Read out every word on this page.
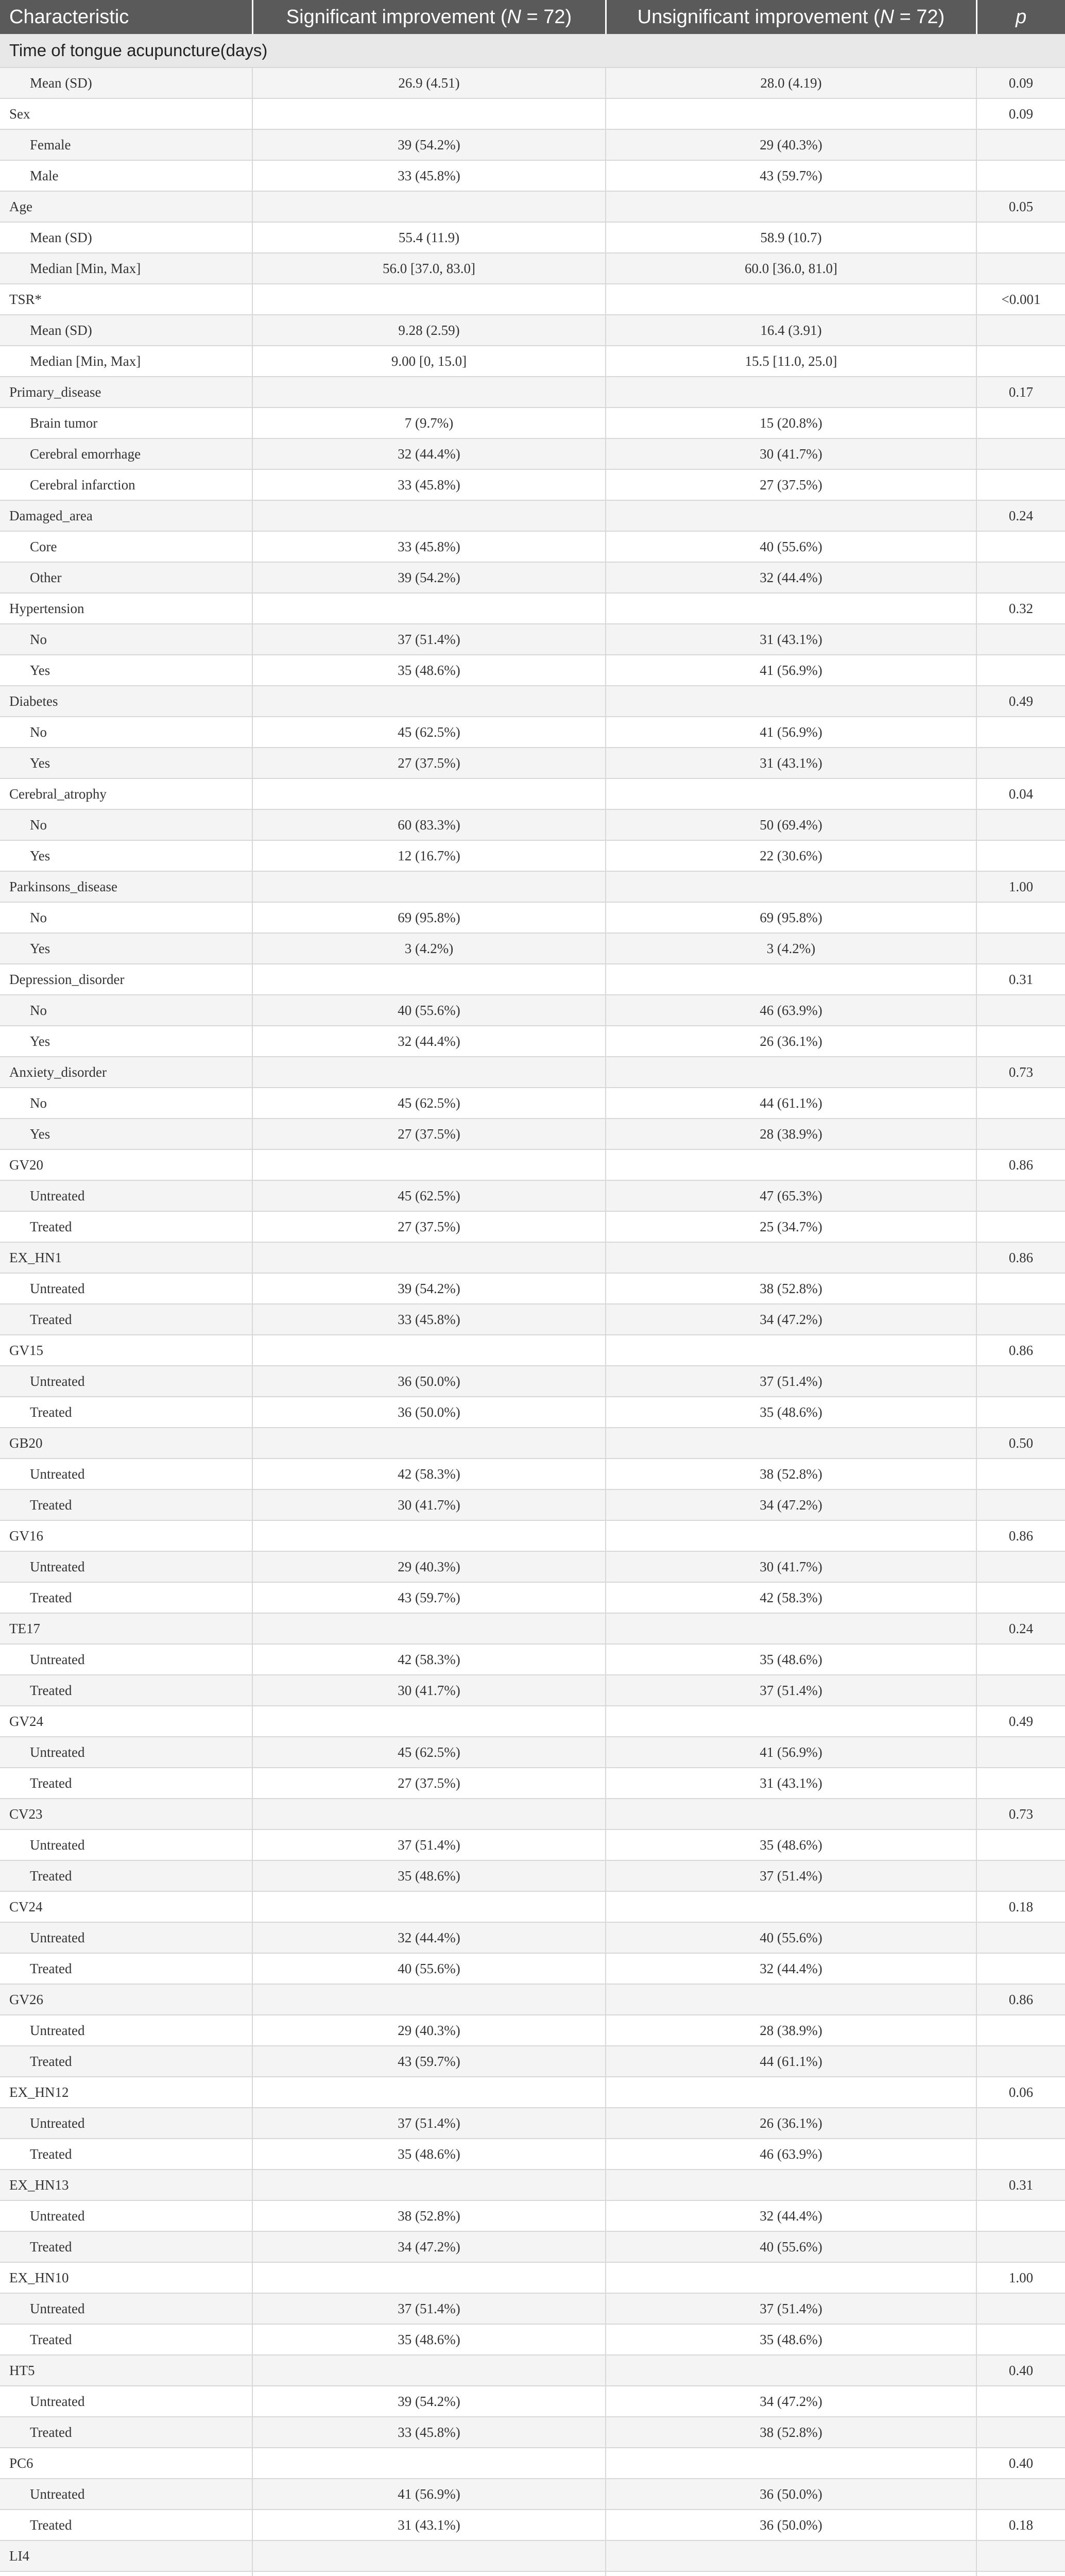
Characteristic	Significant improvement (N = 72)	Unsignificant improvement (N = 72)	p
Time of tongue acupuncture(days)			
Mean (SD)	26.9 (4.51)	28.0 (4.19)	0.09
Sex			0.09
Female	39 (54.2%)	29 (40.3%)	
Male	33 (45.8%)	43 (59.7%)	
Age			0.05
Mean (SD)	55.4 (11.9)	58.9 (10.7)	
Median [Min, Max]	56.0 [37.0, 83.0]	60.0 [36.0, 81.0]	
TSR*			<0.001
Mean (SD)	9.28 (2.59)	16.4 (3.91)	
Median [Min, Max]	9.00 [0, 15.0]	15.5 [11.0, 25.0]	
Primary_disease			0.17
Brain tumor	7 (9.7%)	15 (20.8%)	
Cerebral emorrhage	32 (44.4%)	30 (41.7%)	
Cerebral infarction	33 (45.8%)	27 (37.5%)	
Damaged_area			0.24
Core	33 (45.8%)	40 (55.6%)	
Other	39 (54.2%)	32 (44.4%)	
Hypertension			0.32
No	37 (51.4%)	31 (43.1%)	
Yes	35 (48.6%)	41 (56.9%)	
Diabetes			0.49
No	45 (62.5%)	41 (56.9%)	
Yes	27 (37.5%)	31 (43.1%)	
Cerebral_atrophy			0.04
No	60 (83.3%)	50 (69.4%)	
Yes	12 (16.7%)	22 (30.6%)	
Parkinsons_disease			1.00
No	69 (95.8%)	69 (95.8%)	
Yes	3 (4.2%)	3 (4.2%)	
Depression_disorder			0.31
No	40 (55.6%)	46 (63.9%)	
Yes	32 (44.4%)	26 (36.1%)	
Anxiety_disorder			0.73
No	45 (62.5%)	44 (61.1%)	
Yes	27 (37.5%)	28 (38.9%)	
GV20			0.86
Untreated	45 (62.5%)	47 (65.3%)	
Treated	27 (37.5%)	25 (34.7%)	
EX_HN1			0.86
Untreated	39 (54.2%)	38 (52.8%)	
Treated	33 (45.8%)	34 (47.2%)	
GV15			0.86
Untreated	36 (50.0%)	37 (51.4%)	
Treated	36 (50.0%)	35 (48.6%)	
GB20			0.50
Untreated	42 (58.3%)	38 (52.8%)	
Treated	30 (41.7%)	34 (47.2%)	
GV16			0.86
Untreated	29 (40.3%)	30 (41.7%)	
Treated	43 (59.7%)	42 (58.3%)	
TE17			0.24
Untreated	42 (58.3%)	35 (48.6%)	
Treated	30 (41.7%)	37 (51.4%)	
GV24			0.49
Untreated	45 (62.5%)	41 (56.9%)	
Treated	27 (37.5%)	31 (43.1%)	
CV23			0.73
Untreated	37 (51.4%)	35 (48.6%)	
Treated	35 (48.6%)	37 (51.4%)	
CV24			0.18
Untreated	32 (44.4%)	40 (55.6%)	
Treated	40 (55.6%)	32 (44.4%)	
GV26			0.86
Untreated	29 (40.3%)	28 (38.9%)	
Treated	43 (59.7%)	44 (61.1%)	
EX_HN12			0.06
Untreated	37 (51.4%)	26 (36.1%)	
Treated	35 (48.6%)	46 (63.9%)	
EX_HN13			0.31
Untreated	38 (52.8%)	32 (44.4%)	
Treated	34 (47.2%)	40 (55.6%)	
EX_HN10			1.00
Untreated	37 (51.4%)	37 (51.4%)	
Treated	35 (48.6%)	35 (48.6%)	
HT5			0.40
Untreated	39 (54.2%)	34 (47.2%)	
Treated	33 (45.8%)	38 (52.8%)	
PC6			0.40
Untreated	41 (56.9%)	36 (50.0%)	
Treated	31 (43.1%)	36 (50.0%)	0.18
LI4			
